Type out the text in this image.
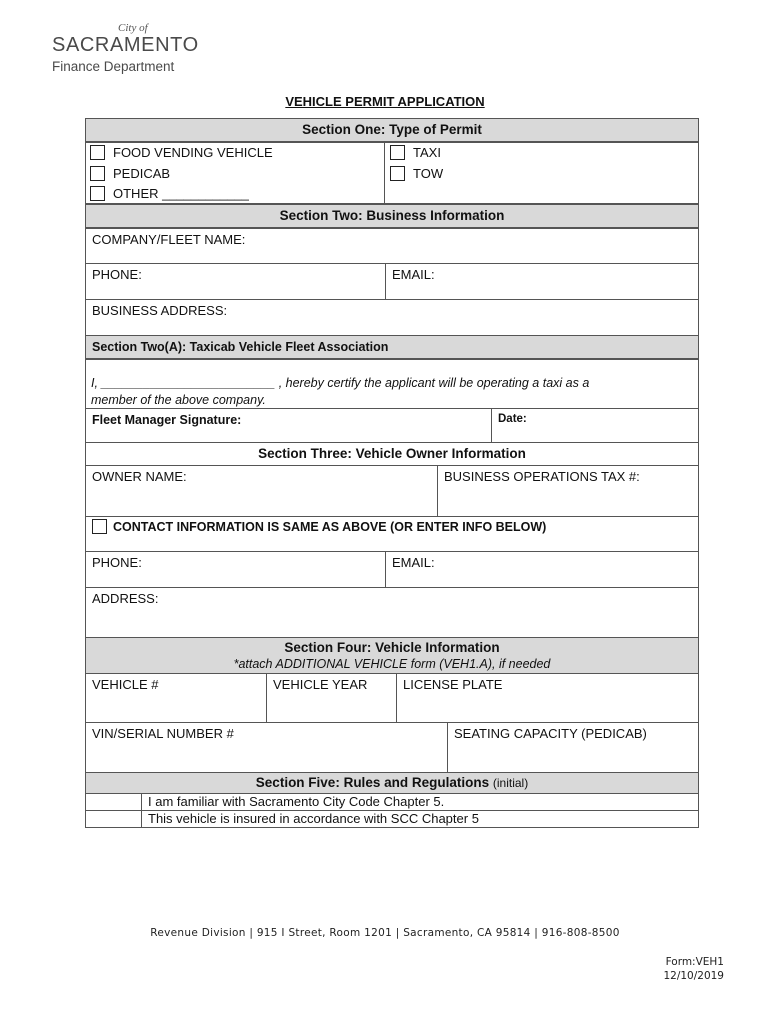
City of
SACRAMENTO
Finance Department
VEHICLE PERMIT APPLICATION
Section One: Type of Permit
FOOD VENDING VEHICLE
PEDICAB
OTHER ____________
TAXI
TOW
Section Two: Business Information
COMPANY/FLEET NAME:
PHONE:	EMAIL:
BUSINESS ADDRESS:
Section Two(A): Taxicab Vehicle Fleet Association
I, _________________________ , hereby certify the applicant will be operating a taxi as a
member of the above company.
Fleet Manager Signature:	Date:
Section Three: Vehicle Owner Information
OWNER NAME:	BUSINESS OPERATIONS TAX #:
CONTACT INFORMATION IS SAME AS ABOVE (OR ENTER INFO BELOW)
PHONE:	EMAIL:
ADDRESS:
Section Four: Vehicle Information
*attach ADDITIONAL VEHICLE form (VEH1.A), if needed
VEHICLE #	VEHICLE YEAR	LICENSE PLATE
VIN/SERIAL NUMBER #	SEATING CAPACITY (PEDICAB)
Section Five: Rules and Regulations (initial)
I am familiar with Sacramento City Code Chapter 5.
This vehicle is insured in accordance with SCC Chapter 5
Revenue Division | 915 I Street, Room 1201 | Sacramento, CA 95814 | 916-808-8500
Form:VEH1
12/10/2019
